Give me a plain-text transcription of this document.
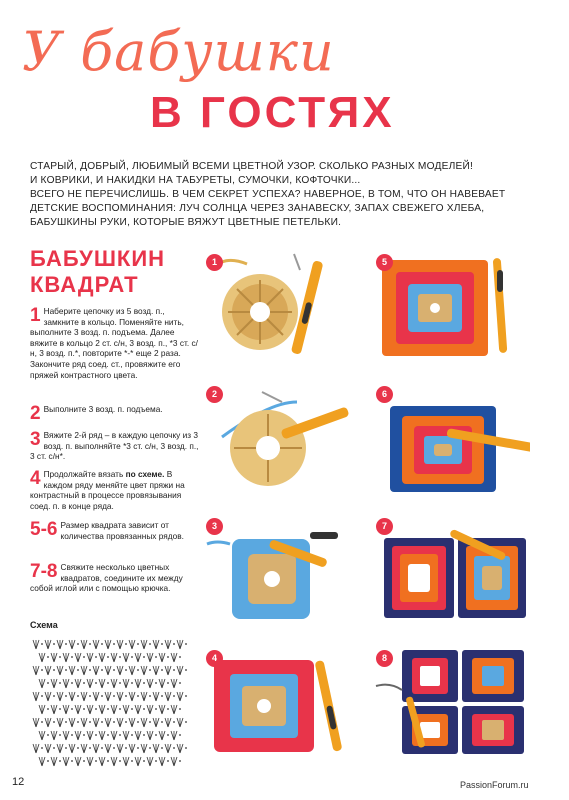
У бабушки
В ГОСТЯХ

СТАРЫЙ, ДОБРЫЙ, ЛЮБИМЫЙ ВСЕМИ ЦВЕТНОЙ УЗОР. СКОЛЬКО РАЗНЫХ МОДЕЛЕЙ!

И КОВРИКИ, И НАКИДКИ НА ТАБУРЕТЫ, СУМОЧКИ, КОФТОЧКИ...

ВСЕГО НЕ ПЕРЕЧИСЛИШЬ. В ЧЕМ СЕКРЕТ УСПЕХА? НАВЕРНОЕ, В ТОМ, ЧТО ОН НАВЕВАЕТ

ДЕТСКИЕ ВОСПОМИНАНИЯ: ЛУЧ СОЛНЦА ЧЕРЕЗ ЗАНАВЕСКУ, ЗАПАХ СВЕЖЕГО ХЛЕБА,

БАБУШКИНЫ РУКИ, КОТОРЫЕ ВЯЖУТ ЦВЕТНЫЕ ПЕТЕЛЬКИ.

БАБУШКИН
КВАДРАТ
1 Наберите цепочку из 5 возд. п., замкните в кольцо. Поменяйте нить, выполните 3 возд. п. подъема. Далее вяжите в кольцо 2 ст. с/н, 3 возд. п., *3 ст. с/н, 3 возд. п.*, повторите *-* еще 2 раза. Закончите ряд соед. ст., провяжите его пряжей контрастного цвета.
2 Выполните 3 возд. п. подъема.
3 Вяжите 2-й ряд – в каждую цепочку из 3 возд. п. выполняйте *3 ст. с/н, 3 возд. п., 3 ст. с/н*.
4 Продолжайте вязать по схеме. В каждом ряду меняйте цвет пряжи на контрастный в процессе провязывания соед. п. в конце ряда.
5-6 Размер квадрата зависит от количества провязанных рядов.
7-8 Свяжите несколько цветных квадратов, соедините их между собой иглой или с помощью крючка.
Схема
1
2
3
4
5
6
7
8
12	PassionForum.ru
